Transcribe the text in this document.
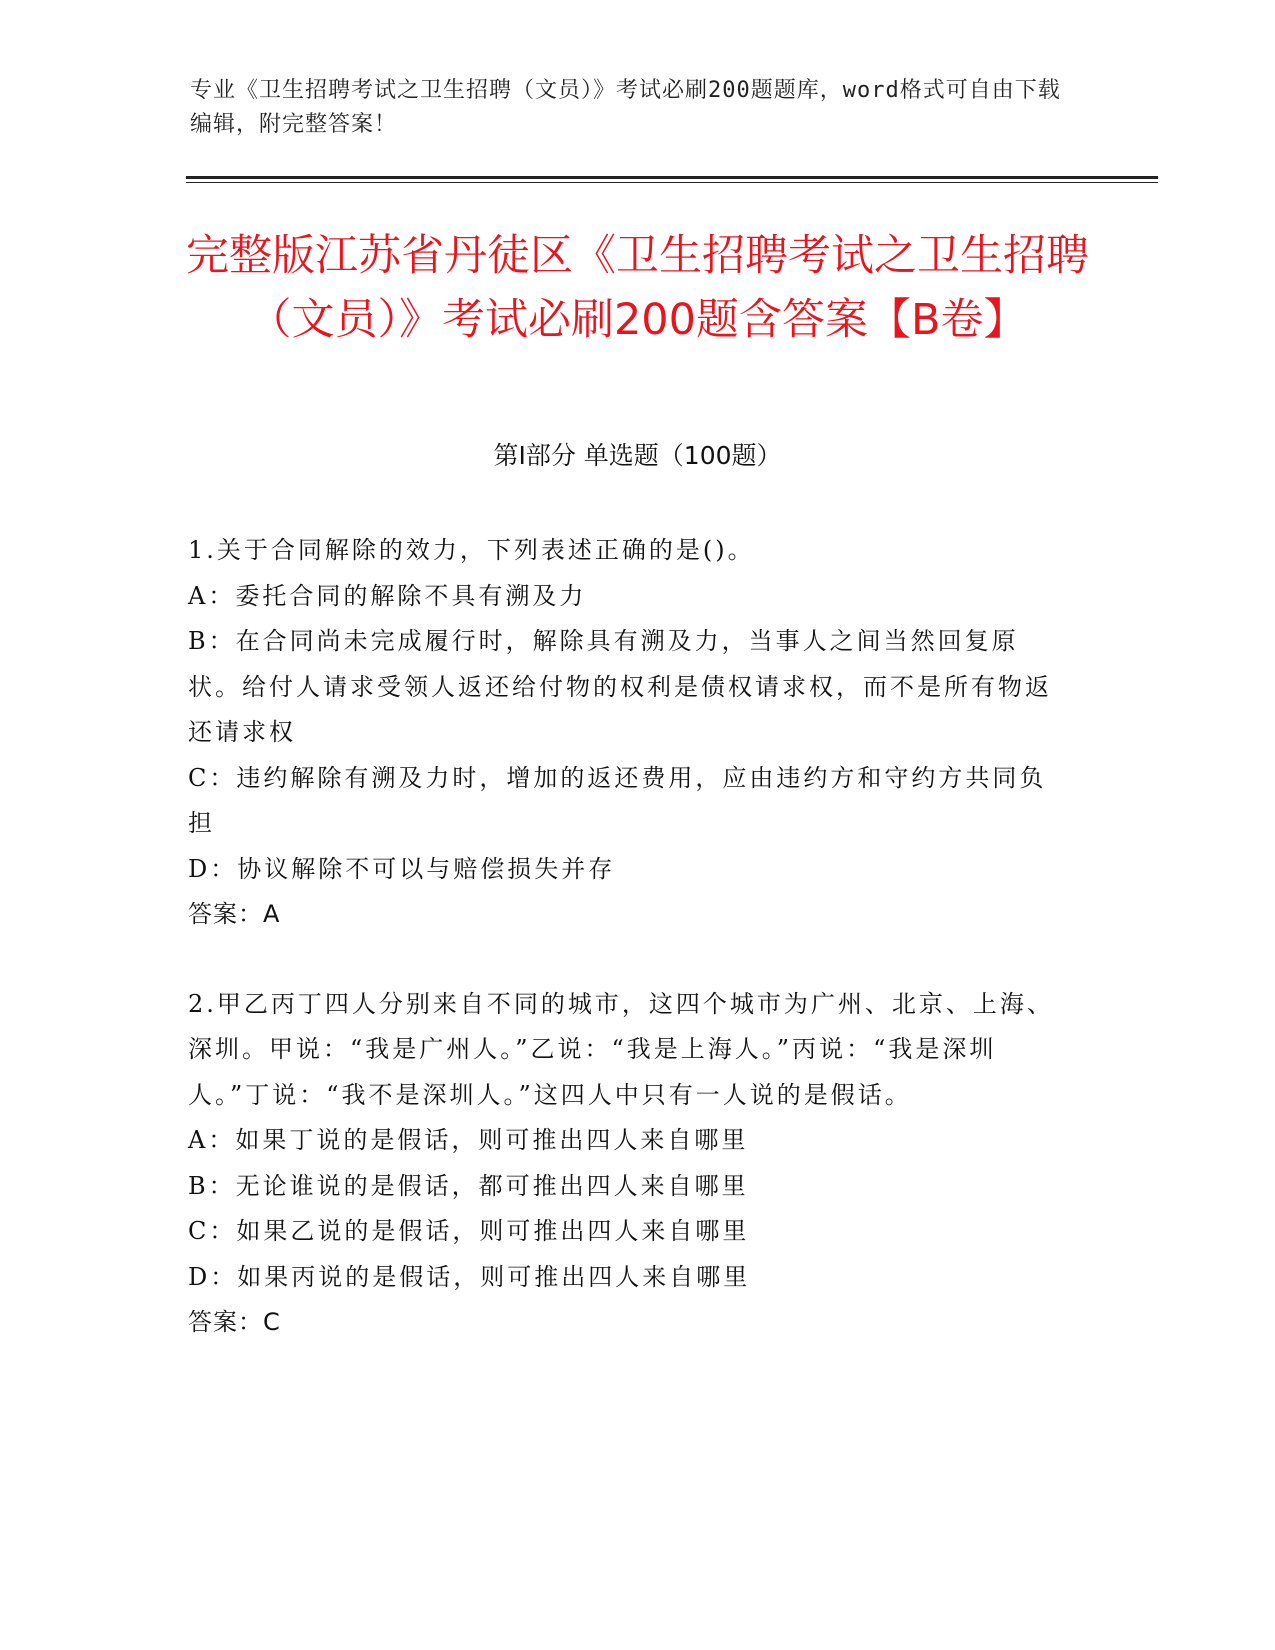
专业《卫生招聘考试之卫生招聘（文员）》考试必刷200题题库，word格式可自由下载编辑，附完整答案！

完整版江苏省丹徒区《卫生招聘考试之卫生招聘（文员）》考试必刷200题含答案【B卷】
第Ⅰ部分 单选题（100题）

1.关于合同解除的效力，下列表述正确的是()。

A：委托合同的解除不具有溯及力

B：在合同尚未完成履行时，解除具有溯及力，当事人之间当然回复原状。给付人请求受领人返还给付物的权利是债权请求权，而不是所有物返还请求权

C：违约解除有溯及力时，增加的返还费用，应由违约方和守约方共同负担

D：协议解除不可以与赔偿损失并存

答案：A

2.甲乙丙丁四人分别来自不同的城市，这四个城市为广州、北京、上海、深圳。甲说：“我是广州人。”乙说：“我是上海人。”丙说：“我是深圳人。”丁说：“我不是深圳人。”这四人中只有一人说的是假话。

A：如果丁说的是假话，则可推出四人来自哪里

B：无论谁说的是假话，都可推出四人来自哪里

C：如果乙说的是假话，则可推出四人来自哪里

D：如果丙说的是假话，则可推出四人来自哪里

答案：C
